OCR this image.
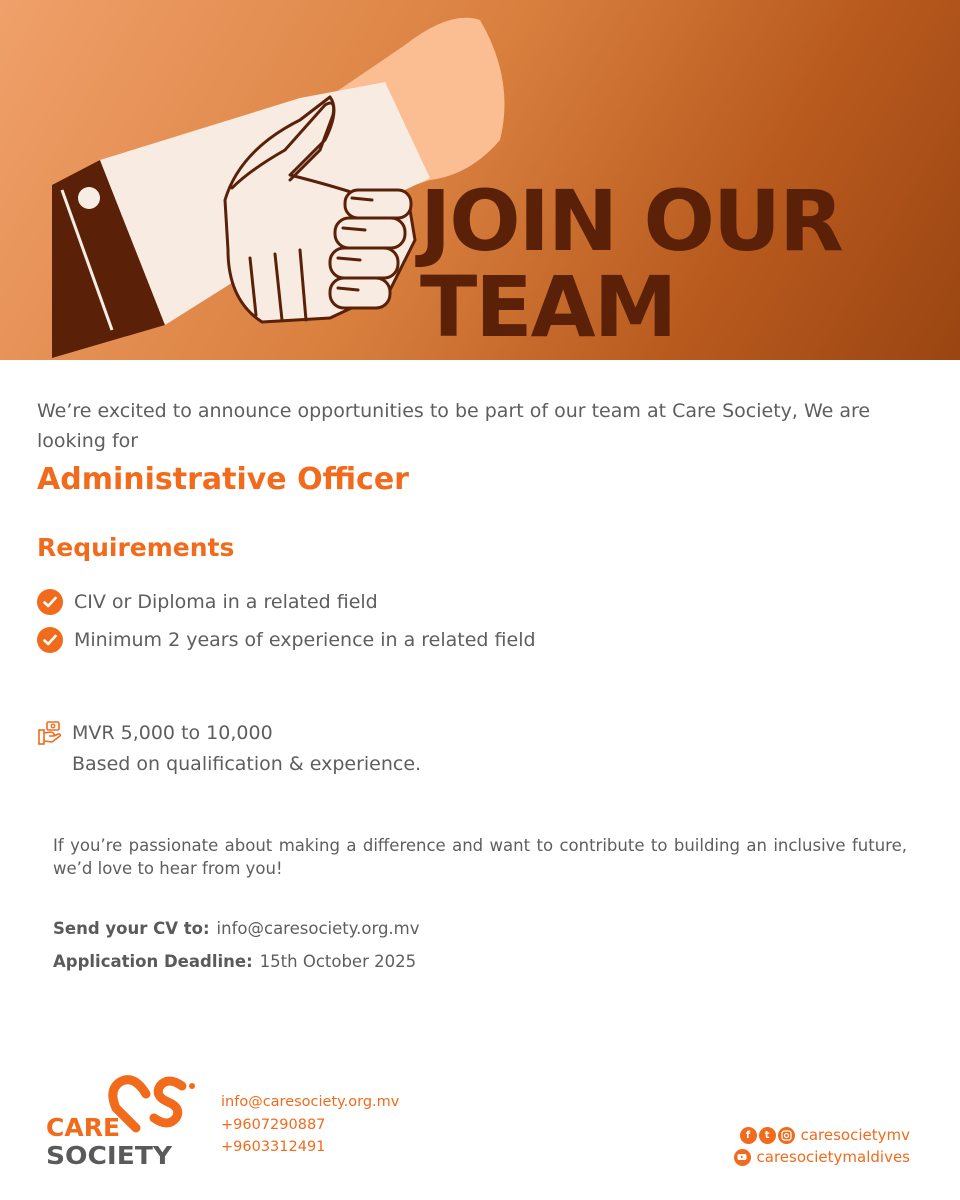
JOIN OUR
TEAM

We’re excited to announce opportunities to be part of our team at Care Society, We are looking for

Administrative Officer
Requirements
CIV or Diploma in a related field
Minimum 2 years of experience in a related field
MVR 5,000 to 10,000
Based on qualification & experience.

If you’re passionate about making a difference and want to contribute to building an inclusive future, we’d love to hear from you!

Send your CV to: info@caresociety.org.mv
Application Deadline: 15th October 2025
CARE
SOCIETY
info@caresociety.org.mv
+9607290887
+9603312491
f	t	caresocietymv
caresocietymaldives
